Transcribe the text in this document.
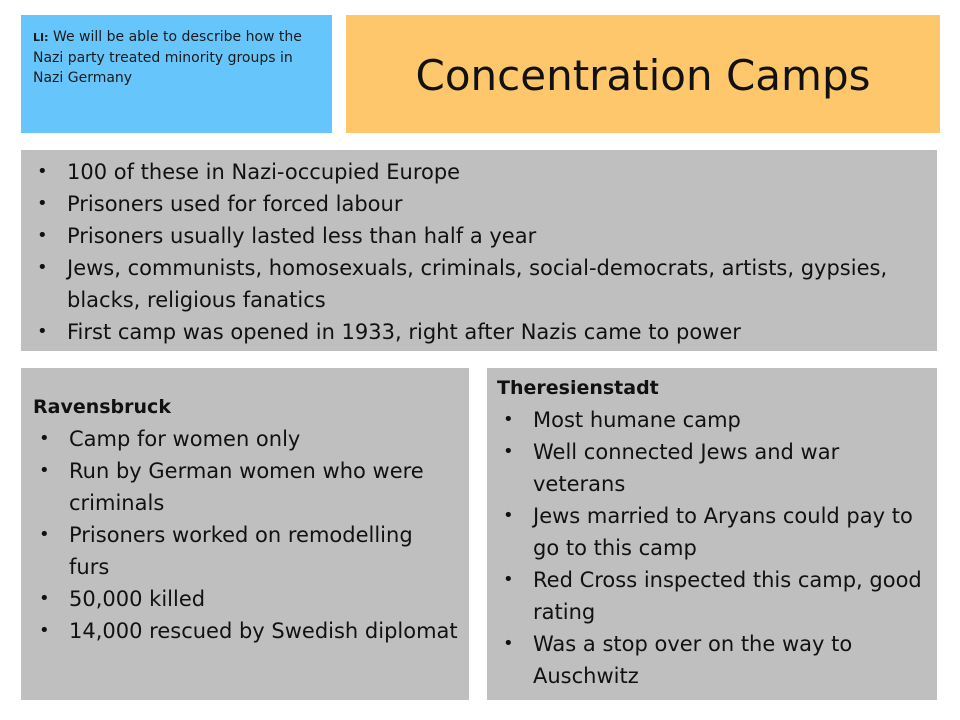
LI: We will be able to describe how the Nazi party treated minority groups in Nazi Germany	Concentration Camps
• 100 of these in Nazi-occupied Europe
• Prisoners used for forced labour
• Prisoners usually lasted less than half a year
• Jews, communists, homosexuals, criminals, social-democrats, artists, gypsies, blacks, religious fanatics
• First camp was opened in 1933, right after Nazis came to power
Ravensbruck
• Camp for women only
• Run by German women who were criminals
• Prisoners worked on remodelling furs
• 50,000 killed
• 14,000 rescued by Swedish diplomat
Theresienstadt
• Most humane camp
• Well connected Jews and war veterans
• Jews married to Aryans could pay to go to this camp
• Red Cross inspected this camp, good rating
• Was a stop over on the way to Auschwitz
